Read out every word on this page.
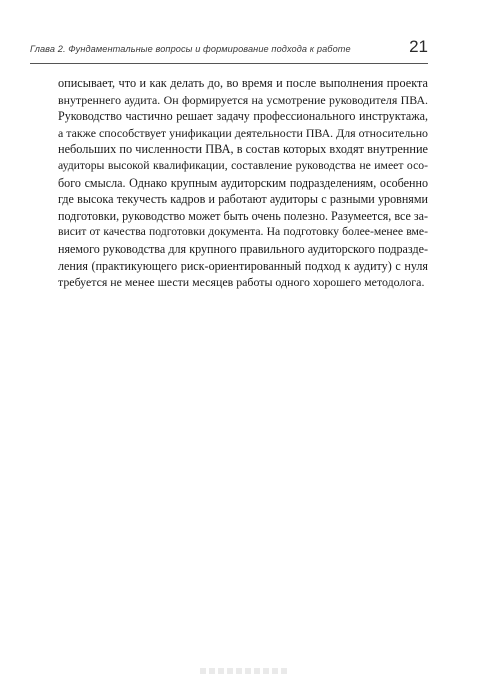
Глава 2. Фундаментальные вопросы и формирование подхода к работе	21
описывает, что и как делать до, во время и после выполнения проекта
внутреннего аудита. Он формируется на усмотрение руководителя ПВА.
Руководство частично решает задачу профессионального инструктажа,
а также способствует унификации деятельности ПВА. Для относительно
небольших по численности ПВА, в состав которых входят внутренние
аудиторы высокой квалификации, составление руководства не имеет осо-
бого смысла. Однако крупным аудиторским подразделениям, особенно
где высока текучесть кадров и работают аудиторы с разными уровнями
подготовки, руководство может быть очень полезно. Разумеется, все за-
висит от качества подготовки документа. На подготовку более-менее вме-
няемого руководства для крупного правильного аудиторского подразде-
ления (практикующего риск-ориентированный подход к аудиту) с нуля
требуется не менее шести месяцев работы одного хорошего методолога.
